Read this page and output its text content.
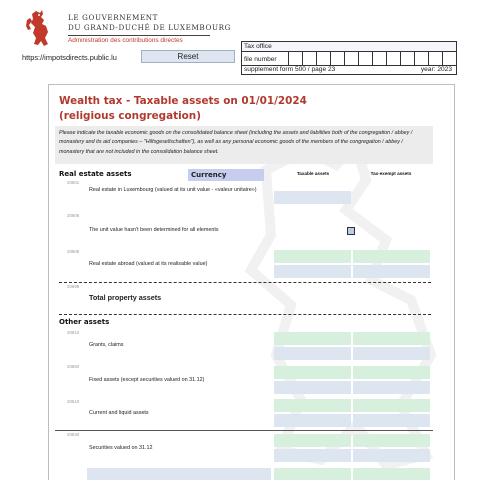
LE GOUVERNEMENT
DU GRAND-DUCHÉ DE LUXEMBOURG
Administration des contributions directes
https://impotsdirects.public.lu	Reset
Tax office
file number
supplement form 500 / page 23	year: 2023
Wealth tax - Taxable assets on 01/01/2024
(religious congregation)
Please indicate the taxable economic goods on the consolidated balance sheet (including the assets and liabilities both of the congregation / abbey / monastery and its aid companies – "Hilfsgesellschaften"), as well as any personal economic goods of the members of the congregation / abbey / monastery that are not included in the consolidation balance sheet.
Real estate assets	Currency	Taxable assets	Tax-exempt assets
20601
Real estate in Luxembourg (valued at its unit value - «valeur unitaire»)
20606
The unit value hasn't been determined for all elements
20608
Real estate abroad (valued at its realisable value)
20699
Total property assets
Other assets
20810
Grants, claims
20860
Fixed assets (except securities valued on 31.12)
20610
Current and liquid assets
20540
Securities valued on 31.12
